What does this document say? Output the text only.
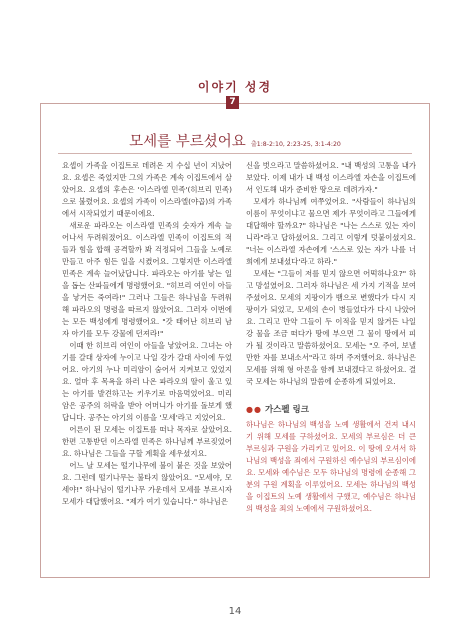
이야기 성경
7
모세를 부르셨어요 출1:8-2:10, 2:23-25, 3:1-4:20

요셉이 가족을 이집트로 데려온 지 수십 년이 지났어요. 요셉은 죽었지만 그의 가족은 계속 이집트에서 살았어요. 요셉의 후손은 '이스라엘 민족'(히브리 민족)으로 불렸어요. 요셉의 가족이 이스라엘(야곱)의 가족에서 시작되었기 때문이에요.

새로운 파라오는 이스라엘 민족의 숫자가 계속 늘어나서 두려워졌어요. 이스라엘 민족이 이집트의 적들과 힘을 합해 공격할까 봐 걱정되어 그들을 노예로 만들고 아주 힘든 일을 시켰어요. 그렇지만 이스라엘 민족은 계속 늘어났답니다. 파라오는 아기를 낳는 일을 돕는 산파들에게 명령했어요. "히브리 여인이 아들을 낳거든 죽여라!" 그러나 그들은 하나님을 두려워해 파라오의 명령을 따르지 않았어요. 그러자 이번에는 모든 백성에게 명령했어요. "갓 태어난 히브리 남자 아기를 모두 강물에 던져라!"

이때 한 히브리 여인이 아들을 낳았어요. 그녀는 아기를 갈대 상자에 누이고 나일 강가 갈대 사이에 두었어요. 아기의 누나 미리암이 숨어서 지켜보고 있었지요. 얼마 후 목욕을 하러 나온 파라오의 딸이 울고 있는 아기를 발견하고는 키우기로 마음먹었어요. 미리암은 공주의 허락을 받아 어머니가 아기를 돌보게 했답니다. 공주는 아기의 이름을 '모세'라고 지었어요.

어른이 된 모세는 이집트를 떠나 목자로 살았어요. 한편 고통받던 이스라엘 민족은 하나님께 부르짖었어요. 하나님은 그들을 구할 계획을 세우셨지요.

어느 날 모세는 떨기나무에 불이 붙은 것을 보았어요. 그런데 떨기나무는 불타지 않았어요. "모세야, 모세야!" 하나님이 떨기나무 가운데서 모세를 부르시자 모세가 대답했어요. "제가 여기 있습니다." 하나님은

신을 벗으라고 말씀하셨어요. "내 백성의 고통을 내가 보았다. 이제 내가 내 백성 이스라엘 자손을 이집트에서 인도해 내가 준비한 땅으로 데려가자."

모세가 하나님께 여쭈었어요. "사람들이 하나님의 이름이 무엇이냐고 물으면 제가 무엇이라고 그들에게 대답해야 할까요?" 하나님은 "나는 스스로 있는 자이니라"라고 답하셨어요. 그리고 이렇게 덧붙이셨지요. "너는 이스라엘 자손에게 '스스로 있는 자가 나를 너희에게 보내셨다'라고 하라."

모세는 "그들이 저를 믿지 않으면 어떡하나요?" 하고 망설였어요. 그러자 하나님은 세 가지 기적을 보여 주셨어요. 모세의 지팡이가 뱀으로 변했다가 다시 지팡이가 되었고, 모세의 손이 병들었다가 다시 나았어요. 그리고 만약 그들이 두 이적을 믿지 않거든 나일 강 물을 조금 떠다가 땅에 부으면 그 물이 땅에서 피가 될 것이라고 말씀하셨어요. 모세는 "오 주여, 보낼 만한 자를 보내소서"라고 하며 주저했어요. 하나님은 모세를 위해 형 아론을 함께 보내겠다고 하셨어요. 결국 모세는 하나님의 말씀에 순종하게 되었어요.

●● 가스펠 링크

하나님은 하나님의 백성을 노예 생활에서 건져 내시기 위해 모세를 구하셨어요. 모세의 부르심은 더 큰 부르심과 구원을 가리키고 있어요. 이 땅에 오셔서 하나님의 백성을 죄에서 구원하신 예수님의 부르심이에요. 모세와 예수님은 모두 하나님의 명령에 순종해 그분의 구원 계획을 이루었어요. 모세는 하나님의 백성을 이집트의 노예 생활에서 구했고, 예수님은 하나님의 백성을 죄의 노예에서 구원하셨어요.

14
